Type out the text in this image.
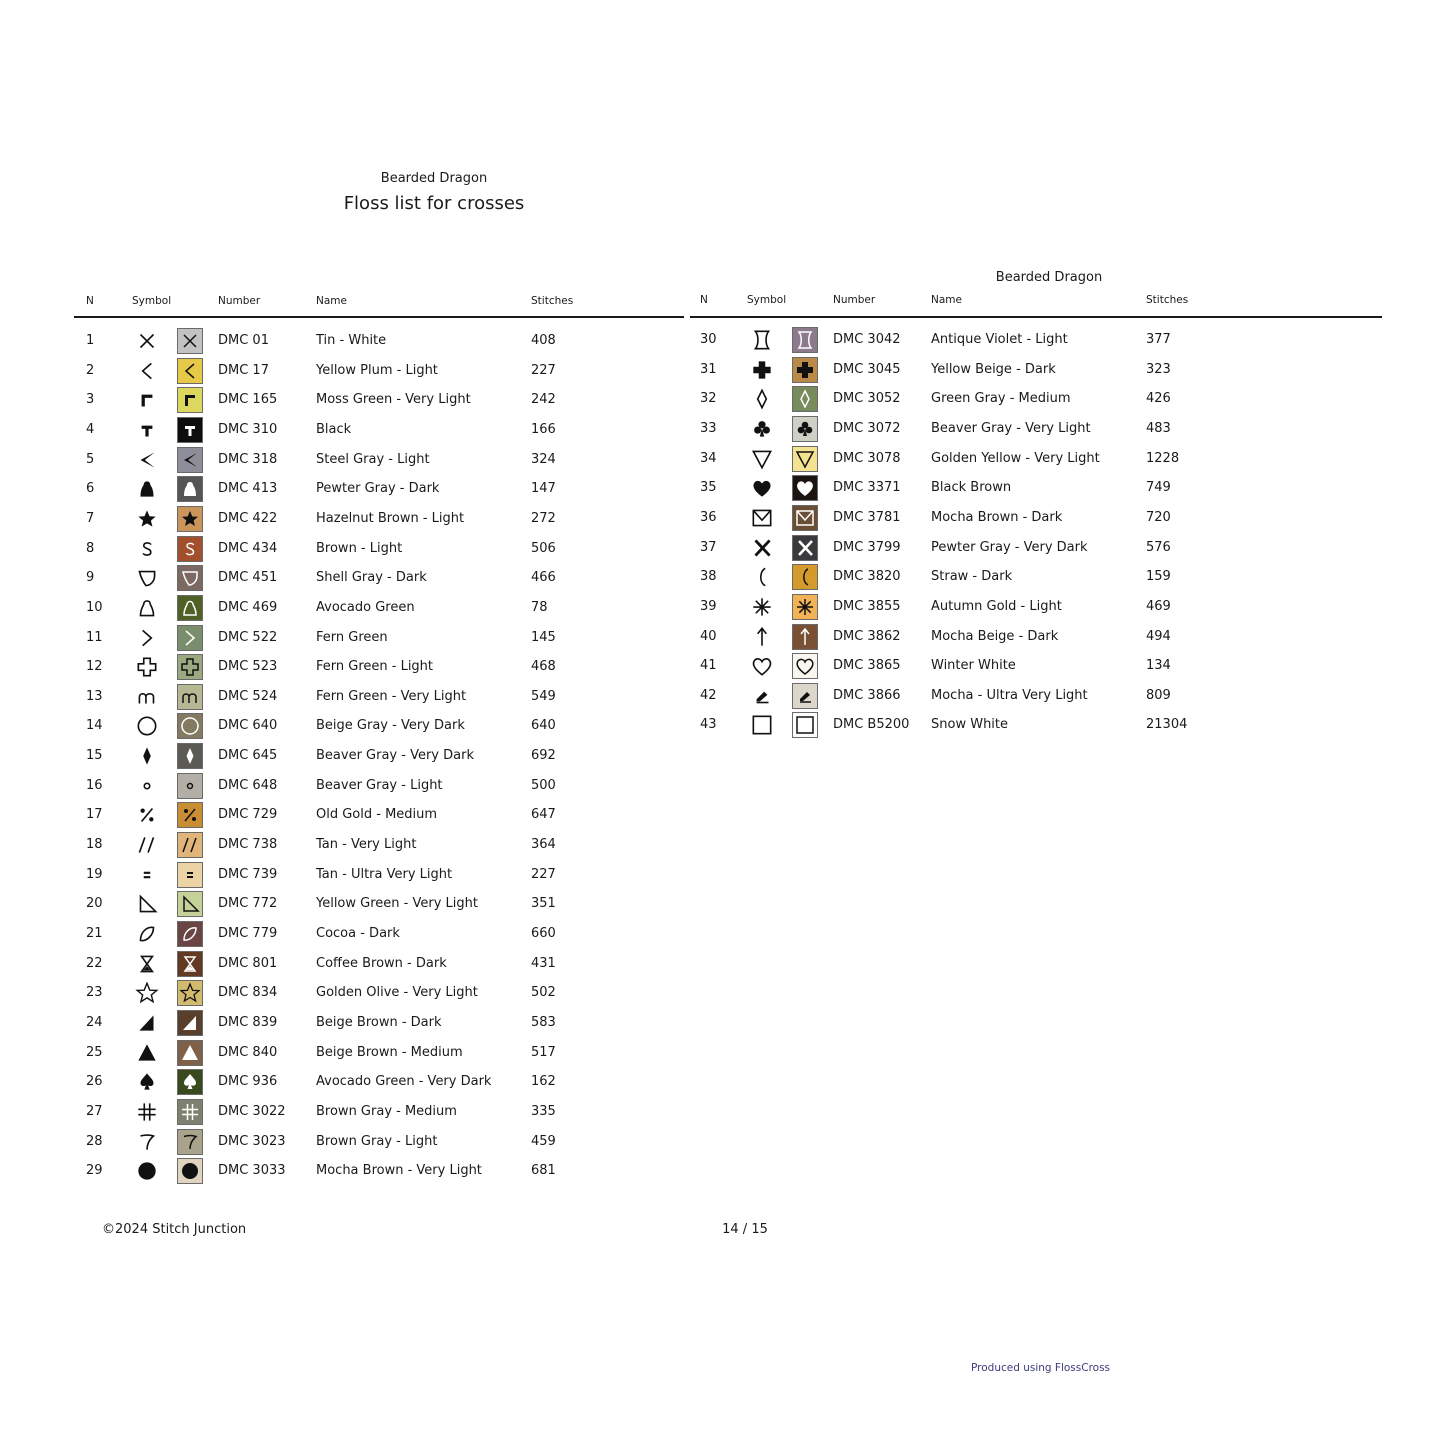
Bearded Dragon
Floss list for crosses
Bearded Dragon
N	Symbol	Number	Name	Stitches	N	Symbol	Number	Name	Stitches
1	DMC 01	Tin - White	408
2	DMC 17	Yellow Plum - Light	227
3	DMC 165	Moss Green - Very Light	242
4	DMC 310	Black	166
5	DMC 318	Steel Gray - Light	324
6	DMC 413	Pewter Gray - Dark	147
7	DMC 422	Hazelnut Brown - Light	272
8	DMC 434	Brown - Light	506
9	DMC 451	Shell Gray - Dark	466
10	DMC 469	Avocado Green	78
11	DMC 522	Fern Green	145
12	DMC 523	Fern Green - Light	468
13	DMC 524	Fern Green - Very Light	549
14	DMC 640	Beige Gray - Very Dark	640
15	DMC 645	Beaver Gray - Very Dark	692
16	DMC 648	Beaver Gray - Light	500
17	DMC 729	Old Gold - Medium	647
18	DMC 738	Tan - Very Light	364
19	DMC 739	Tan - Ultra Very Light	227
20	DMC 772	Yellow Green - Very Light	351
21	DMC 779	Cocoa - Dark	660
22	DMC 801	Coffee Brown - Dark	431
23	DMC 834	Golden Olive - Very Light	502
24	DMC 839	Beige Brown - Dark	583
25	DMC 840	Beige Brown - Medium	517
26	DMC 936	Avocado Green - Very Dark	162
27	DMC 3022 Brown Gray - Medium	335
28	DMC 3023 Brown Gray - Light	459
29	DMC 3033 Mocha Brown - Very Light	681
30	DMC 3042 Antique Violet - Light	377
31	DMC 3045 Yellow Beige - Dark	323
32	DMC 3052 Green Gray - Medium	426
33	DMC 3072 Beaver Gray - Very Light	483
34	DMC 3078 Golden Yellow - Very Light	1228
35	DMC 3371 Black Brown	749
36	DMC 3781 Mocha Brown - Dark	720
37	DMC 3799 Pewter Gray - Very Dark	576
38	DMC 3820 Straw - Dark	159
39	DMC 3855 Autumn Gold - Light	469
40	DMC 3862 Mocha Beige - Dark	494
41	DMC 3865 Winter White	134
42	DMC 3866 Mocha - Ultra Very Light	809
43	DMC B5200 Snow White	21304
©2024 Stitch Junction	14 / 15
Produced using FlossCross
